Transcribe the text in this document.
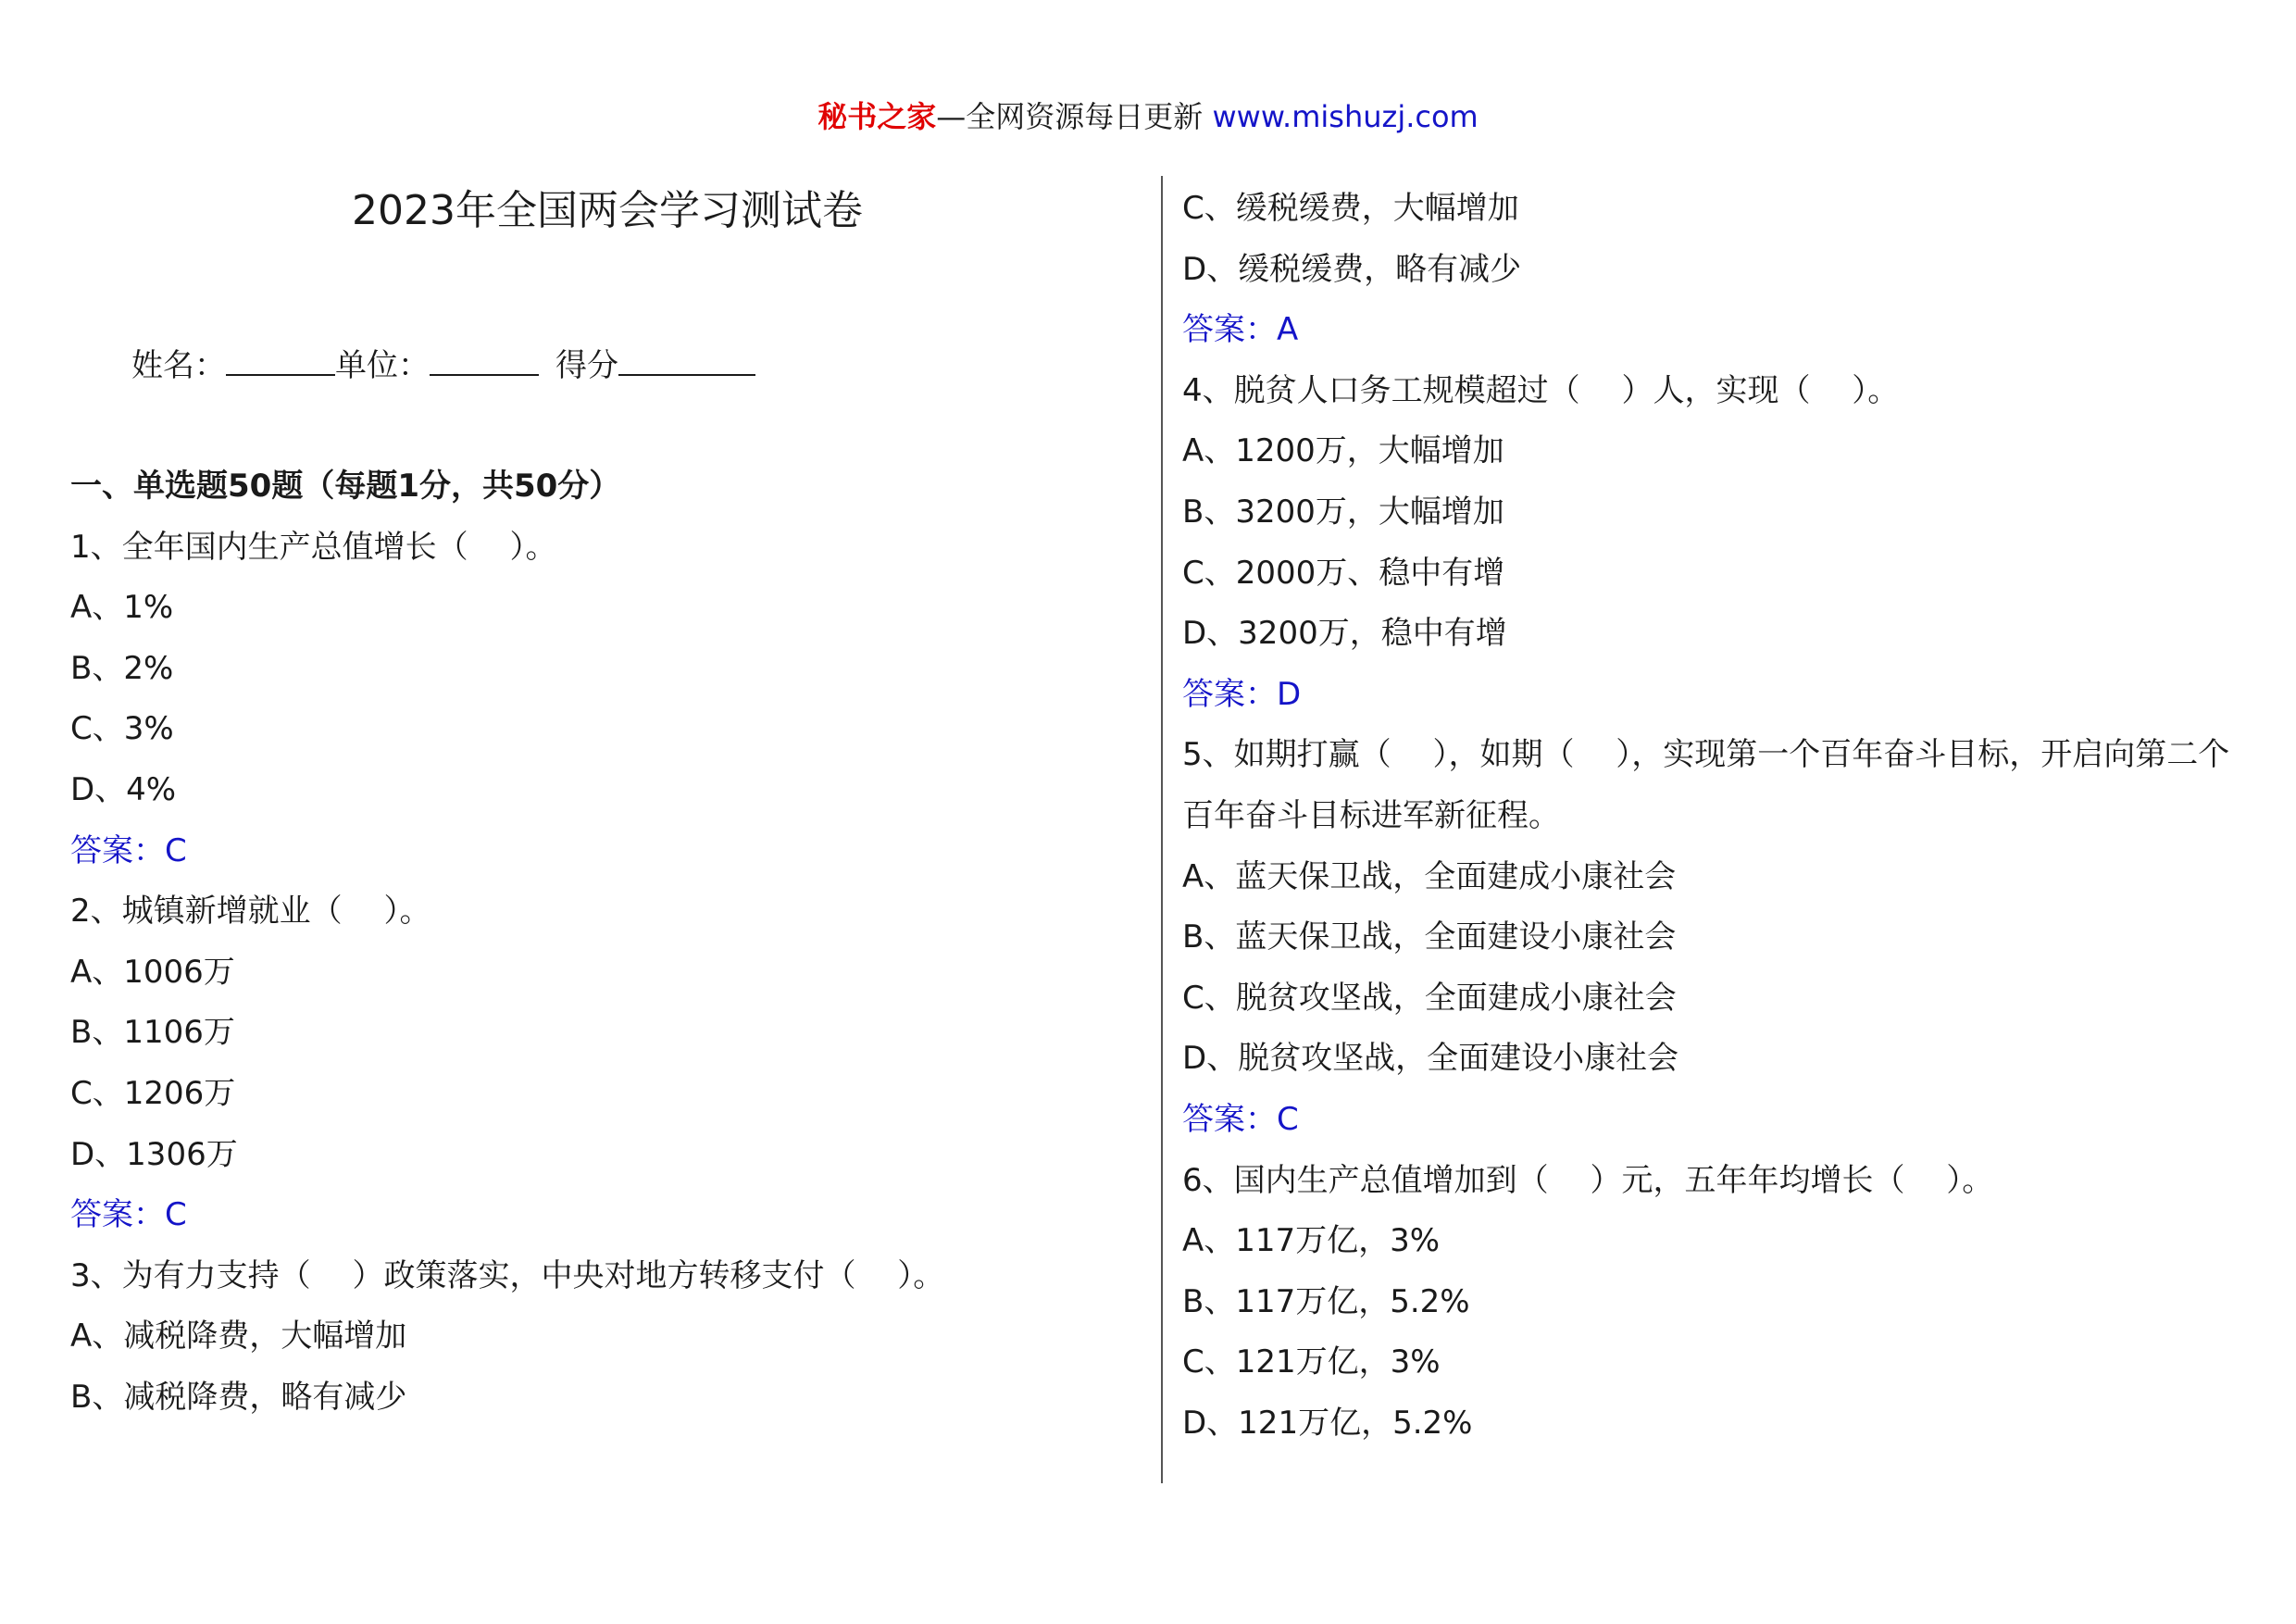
秘书之家—全网资源每日更新 www.mishuzj.com
2023年全国两会学习测试卷
姓名：	单位：	得分
一、单选题50题（每题1分，共50分）
1、全年国内生产总值增长（　 ）。
A、1%
B、2%
C、3%
D、4%
答案：C
2、城镇新增就业（　 ）。
A、1006万
B、1106万
C、1206万
D、1306万
答案：C
3、为有力支持（　 ）政策落实，中央对地方转移支付（　 ）。
A、减税降费，大幅增加
B、减税降费，略有减少
C、缓税缓费，大幅增加
D、缓税缓费，略有减少
答案：A
4、脱贫人口务工规模超过（　 ）人，实现（　 ）。
A、1200万，大幅增加
B、3200万，大幅增加
C、2000万、稳中有增
D、3200万，稳中有增
答案：D
5、如期打赢（　 ），如期（　 ），实现第一个百年奋斗目标，开启向第二个百年奋斗目标进军新征程。
A、蓝天保卫战，全面建成小康社会
B、蓝天保卫战，全面建设小康社会
C、脱贫攻坚战，全面建成小康社会
D、脱贫攻坚战，全面建设小康社会
答案：C
6、国内生产总值增加到（　 ）元，五年年均增长（　 ）。
A、117万亿，3%
B、117万亿，5.2%
C、121万亿，3%
D、121万亿，5.2%
